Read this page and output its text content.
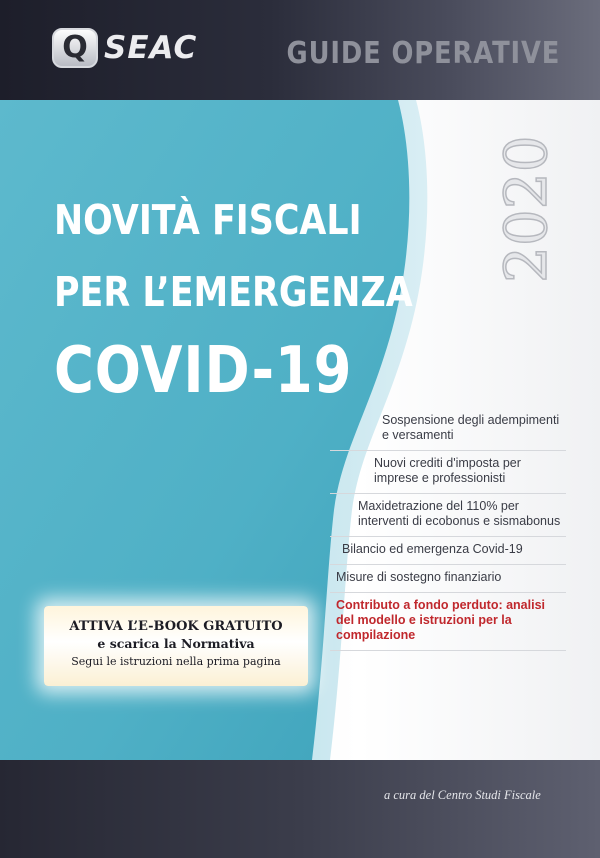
Q SEAC	GUIDE OPERATIVE
2020
NOVITÀ FISCALI
PER L’EMERGENZA
COVID-19
Sospensione degli adempimenti e versamenti
Nuovi crediti d'imposta per imprese e professionisti
Maxidetrazione del 110% per interventi di ecobonus e sismabonus
Bilancio ed emergenza Covid-19
Misure di sostegno finanziario
Contributo a fondo perduto: analisi del modello e istruzioni per la compilazione
ATTIVA L’E-BOOK GRATUITO
e scarica la Normativa
Segui le istruzioni nella prima pagina
a cura del Centro Studi Fiscale
